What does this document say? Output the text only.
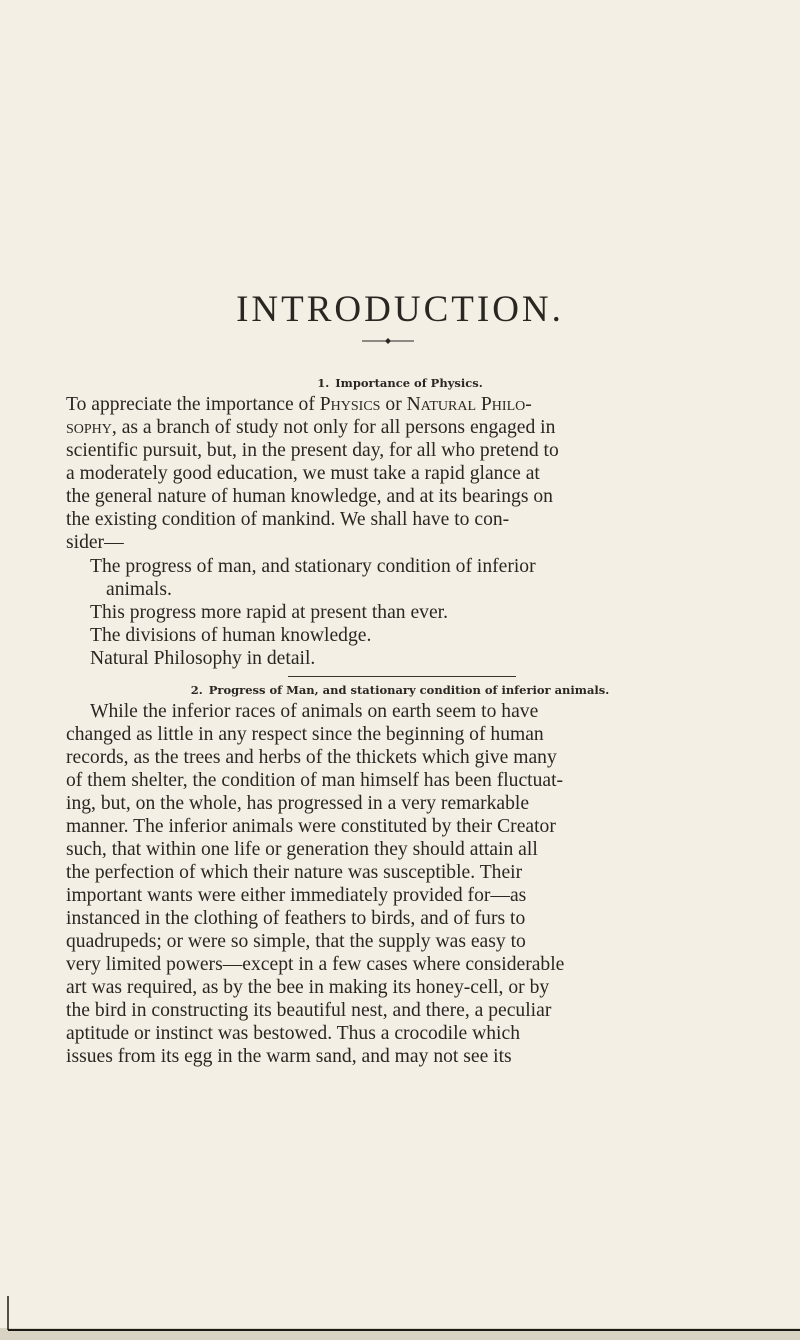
INTRODUCTION.
1. Importance of Physics.

To appreciate the importance of Physics or Natural Philo-

sophy, as a branch of study not only for all persons engaged in

scientific pursuit, but, in the present day, for all who pretend to

a moderately good education, we must take a rapid glance at

the general nature of human knowledge, and at its bearings on

the existing condition of mankind. We shall have to con-

sider—

The progress of man, and stationary condition of inferior

animals.

This progress more rapid at present than ever.

The divisions of human knowledge.

Natural Philosophy in detail.

2. Progress of Man, and stationary condition of inferior animals.

While the inferior races of animals on earth seem to have

changed as little in any respect since the beginning of human

records, as the trees and herbs of the thickets which give many

of them shelter, the condition of man himself has been fluctuat-

ing, but, on the whole, has progressed in a very remarkable

manner. The inferior animals were constituted by their Creator

such, that within one life or generation they should attain all

the perfection of which their nature was susceptible. Their

important wants were either immediately provided for—as

instanced in the clothing of feathers to birds, and of furs to

quadrupeds; or were so simple, that the supply was easy to

very limited powers—except in a few cases where considerable

art was required, as by the bee in making its honey-cell, or by

the bird in constructing its beautiful nest, and there, a peculiar

aptitude or instinct was bestowed. Thus a crocodile which

issues from its egg in the warm sand, and may not see its
